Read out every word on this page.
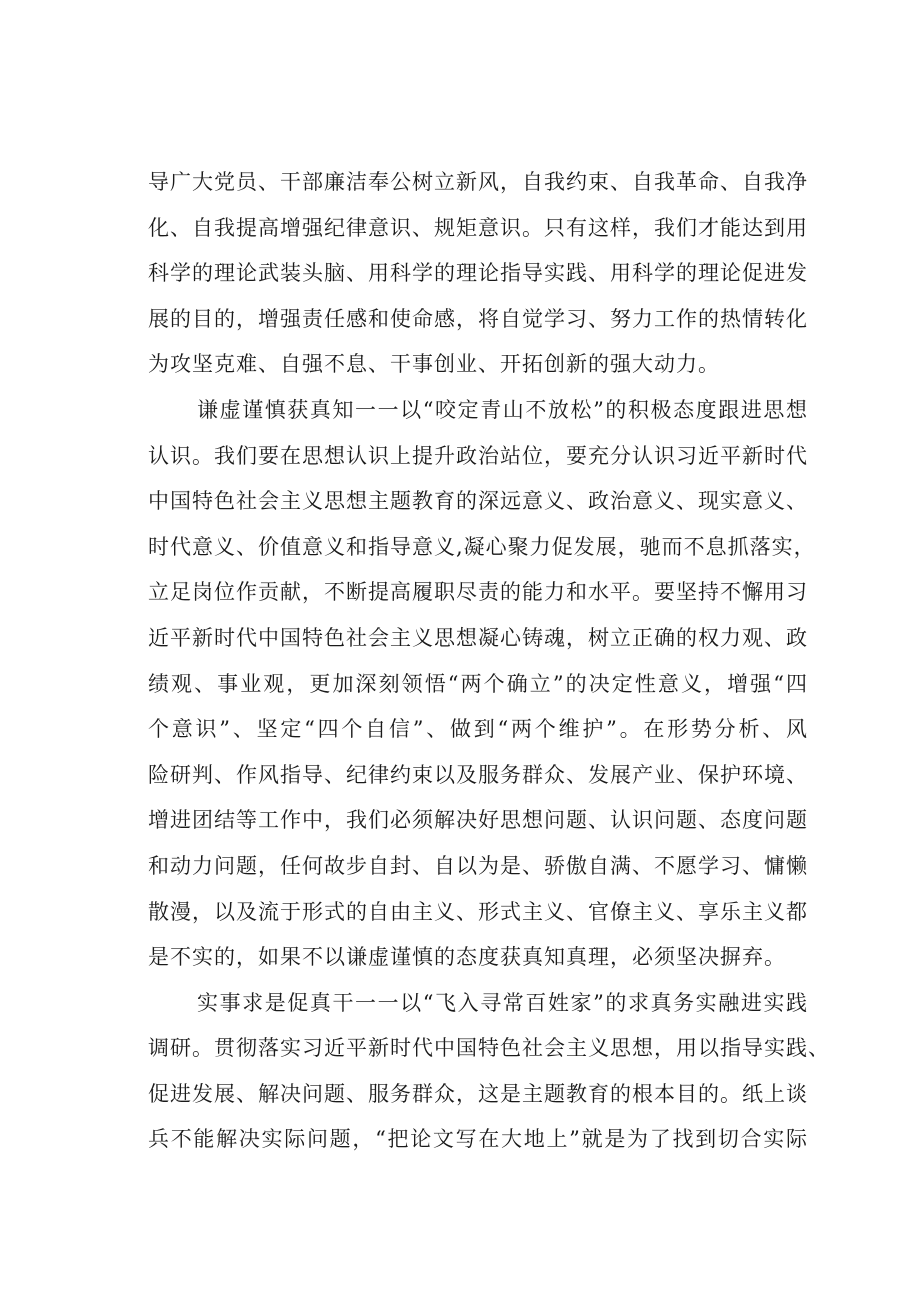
导广大党员、干部廉洁奉公树立新风，自我约束、自我革命、自我净

化、自我提高增强纪律意识、规矩意识。只有这样，我们才能达到用

科学的理论武装头脑、用科学的理论指导实践、用科学的理论促进发

展的目的，增强责任感和使命感，将自觉学习、努力工作的热情转化

为攻坚克难、自强不息、干事创业、开拓创新的强大动力。

谦虚谨慎获真知一一以“咬定青山不放松”的积极态度跟进思想

认识。我们要在思想认识上提升政治站位，要充分认识习近平新时代

中国特色社会主义思想主题教育的深远意义、政治意义、现实意义、

时代意义、价值意义和指导意义,凝心聚力促发展，驰而不息抓落实，

立足岗位作贡献，不断提高履职尽责的能力和水平。要坚持不懈用习

近平新时代中国特色社会主义思想凝心铸魂，树立正确的权力观、政

绩观、事业观，更加深刻领悟“两个确立”的决定性意义，增强“四

个意识”、坚定“四个自信”、做到“两个维护”。在形势分析、风

险研判、作风指导、纪律约束以及服务群众、发展产业、保护环境、

增进团结等工作中，我们必须解决好思想问题、认识问题、态度问题

和动力问题，任何故步自封、自以为是、骄傲自满、不愿学习、慵懒

散漫，以及流于形式的自由主义、形式主义、官僚主义、享乐主义都

是不实的，如果不以谦虚谨慎的态度获真知真理，必须坚决摒弃。

实事求是促真干一一以“飞入寻常百姓家”的求真务实融进实践

调研。贯彻落实习近平新时代中国特色社会主义思想，用以指导实践、

促进发展、解决问题、服务群众，这是主题教育的根本目的。纸上谈

兵不能解决实际问题，“把论文写在大地上”就是为了找到切合实际
